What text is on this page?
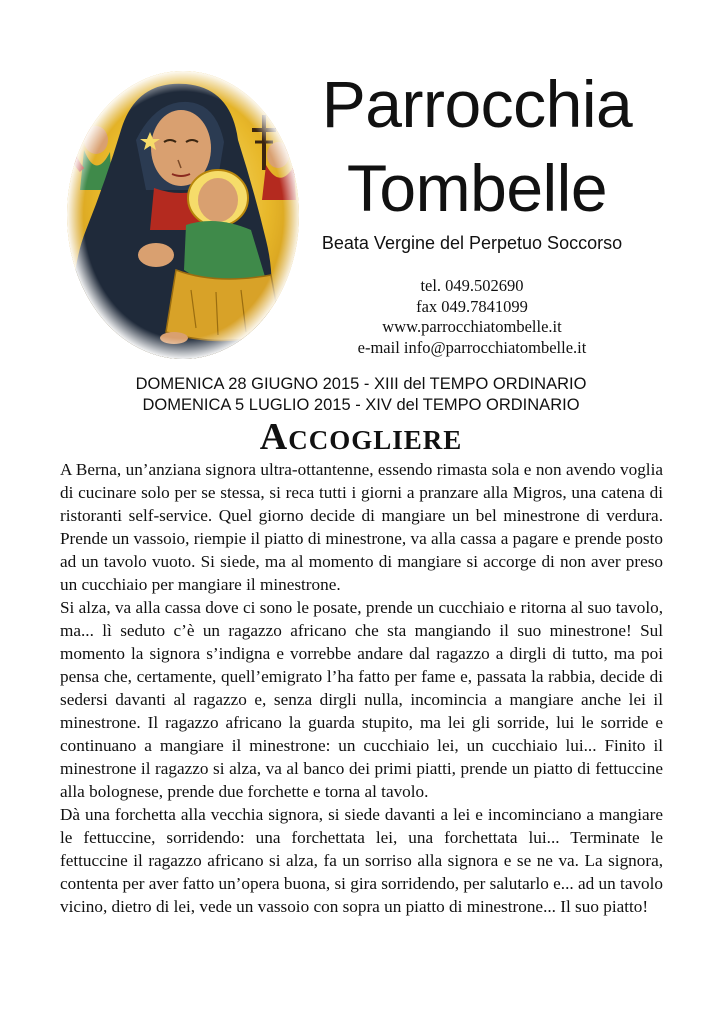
Parrocchia Tombelle
Beata Vergine del Perpetuo Soccorso
tel. 049.502690
fax 049.7841099
www.parrocchiatombelle.it
e-mail info@parrocchiatombelle.it
DOMENICA 28 GIUGNO 2015 - XIII del TEMPO ORDINARIO
DOMENICA 5 LUGLIO 2015 - XIV del TEMPO ORDINARIO
Accogliere

A Berna, un’anziana signora ultra-ottantenne, essendo rimasta sola e non avendo voglia di cucinare solo per se stessa, si reca tutti i giorni a pranzare alla Migros, una catena di ristoranti self-service. Quel giorno decide di mangiare un bel minestrone di verdura. Prende un vassoio, riempie il piatto di minestrone, va alla cassa a pagare e prende posto ad un tavolo vuoto. Si siede, ma al momento di mangiare si accorge di non aver preso un cucchiaio per mangiare il minestrone.

Si alza, va alla cassa dove ci sono le posate, prende un cucchiaio e ritorna al suo tavolo, ma... lì seduto c’è un ragazzo africano che sta mangiando il suo minestrone! Sul momento la signora s’indigna e vorrebbe andare dal ragazzo a dirgli di tutto, ma poi pensa che, certamente, quell’emigrato l’ha fatto per fame e, passata la rabbia, decide di sedersi davanti al ragazzo e, senza dirgli nulla, incomincia a mangiare anche lei il minestrone. Il ragazzo africano la guarda stupito, ma lei gli sorride, lui le sorride e continuano a mangiare il minestrone: un cucchiaio lei, un cucchiaio lui... Finito il minestrone il ragazzo si alza, va al banco dei primi piatti, prende un piatto di fettuccine alla bolognese, prende due forchette e torna al tavolo.

Dà una forchetta alla vecchia signora, si siede davanti a lei e incominciano a mangiare le fettuccine, sorridendo: una forchettata lei, una forchettata lui... Terminate le fettuccine il ragazzo africano si alza, fa un sorriso alla signora e se ne va. La signora, contenta per aver fatto un’opera buona, si gira sorridendo, per salutarlo e... ad un tavolo vicino, dietro di lei, vede un vassoio con sopra un piatto di minestrone... Il suo piatto!
